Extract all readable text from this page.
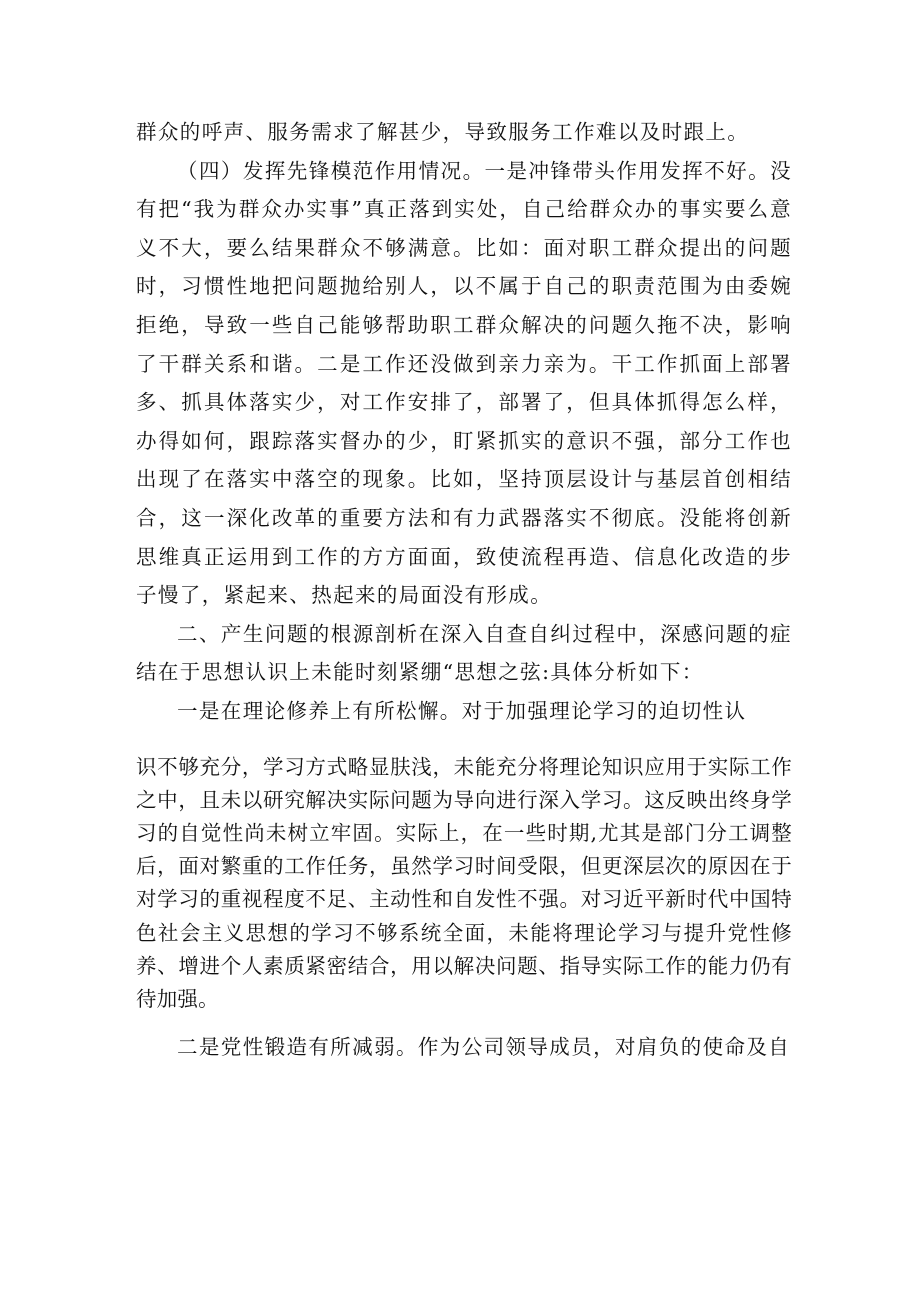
群众的呼声、服务需求了解甚少，导致服务工作难以及时跟上。

（四）发挥先锋模范作用情况。一是冲锋带头作用发挥不好。没有把“我为群众办实事”真正落到实处，自己给群众办的事实要么意义不大，要么结果群众不够满意。比如：面对职工群众提出的问题时，习惯性地把问题抛给别人，以不属于自己的职责范围为由委婉拒绝，导致一些自己能够帮助职工群众解决的问题久拖不决，影响了干群关系和谐。二是工作还没做到亲力亲为。干工作抓面上部署多、抓具体落实少，对工作安排了，部署了，但具体抓得怎么样，办得如何，跟踪落实督办的少，盯紧抓实的意识不强，部分工作也出现了在落实中落空的现象。比如，坚持顶层设计与基层首创相结合，这一深化改革的重要方法和有力武器落实不彻底。没能将创新思维真正运用到工作的方方面面，致使流程再造、信息化改造的步子慢了，紧起来、热起来的局面没有形成。

二、产生问题的根源剖析在深入自查自纠过程中，深感问题的症结在于思想认识上未能时刻紧绷“思想之弦:具体分析如下：

一是在理论修养上有所松懈。对于加强理论学习的迫切性认

识不够充分，学习方式略显肤浅，未能充分将理论知识应用于实际工作之中，且未以研究解决实际问题为导向进行深入学习。这反映出终身学习的自觉性尚未树立牢固。实际上，在一些时期,尤其是部门分工调整后，面对繁重的工作任务，虽然学习时间受限，但更深层次的原因在于对学习的重视程度不足、主动性和自发性不强。对习近平新时代中国特色社会主义思想的学习不够系统全面，未能将理论学习与提升党性修养、增进个人素质紧密结合，用以解决问题、指导实际工作的能力仍有待加强。

二是党性锻造有所减弱。作为公司领导成员，对肩负的使命及自
